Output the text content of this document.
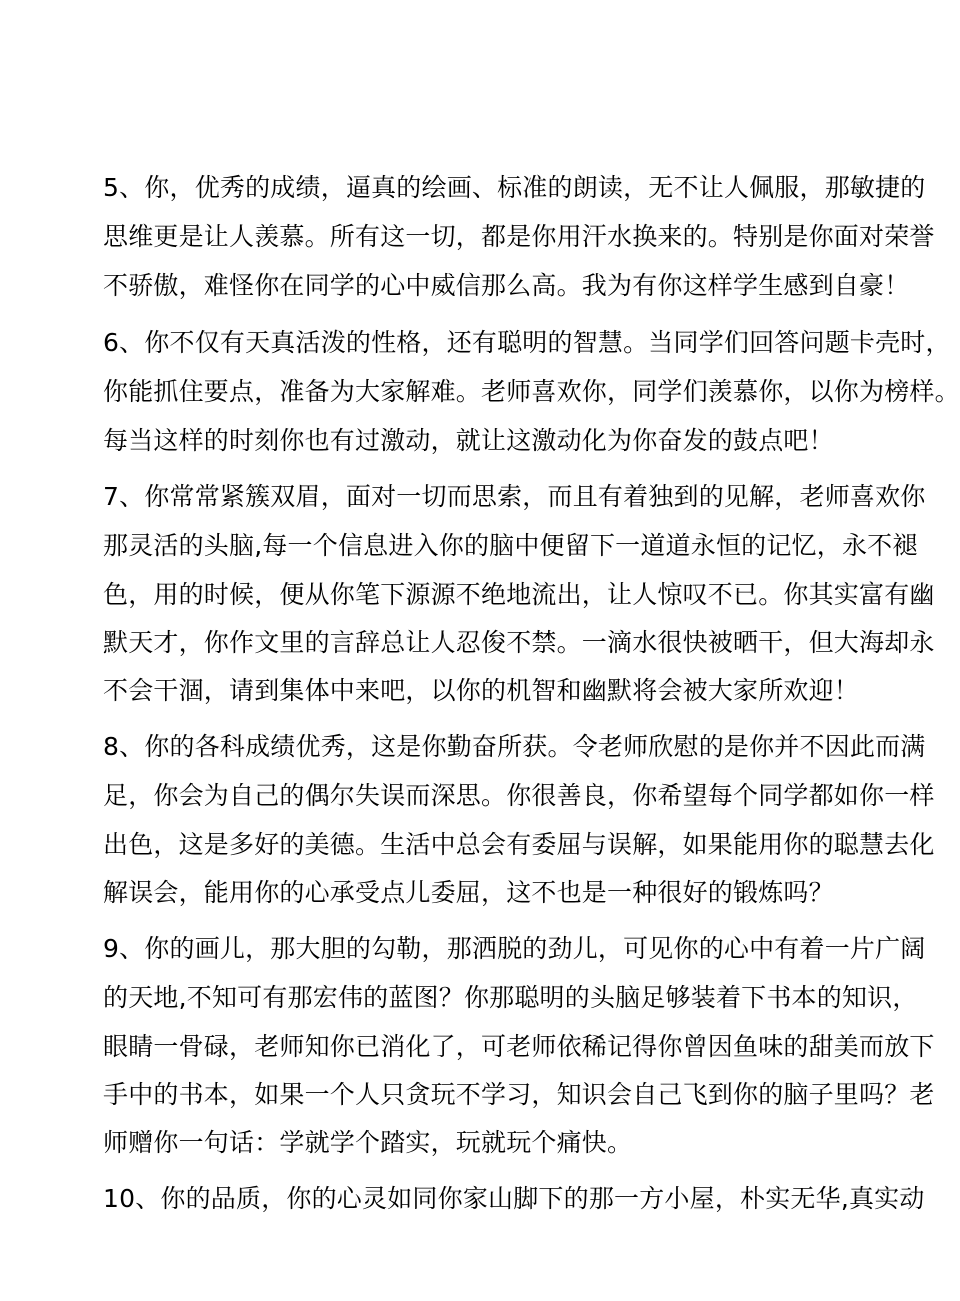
5、你，优秀的成绩，逼真的绘画、标准的朗读，无不让人佩服，那敏捷的
思维更是让人羡慕。所有这一切，都是你用汗水换来的。特别是你面对荣誉
不骄傲，难怪你在同学的心中威信那么高。我为有你这样学生感到自豪！
6、你不仅有天真活泼的性格，还有聪明的智慧。当同学们回答问题卡壳时，
你能抓住要点，准备为大家解难。老师喜欢你，同学们羡慕你，以你为榜样。
每当这样的时刻你也有过激动，就让这激动化为你奋发的鼓点吧！
7、你常常紧簇双眉，面对一切而思索，而且有着独到的见解，老师喜欢你
那灵活的头脑,每一个信息进入你的脑中便留下一道道永恒的记忆，永不褪
色，用的时候，便从你笔下源源不绝地流出，让人惊叹不已。你其实富有幽
默天才，你作文里的言辞总让人忍俊不禁。一滴水很快被晒干，但大海却永
不会干涸，请到集体中来吧，以你的机智和幽默将会被大家所欢迎！
8、你的各科成绩优秀，这是你勤奋所获。令老师欣慰的是你并不因此而满
足，你会为自己的偶尔失误而深思。你很善良，你希望每个同学都如你一样
出色，这是多好的美德。生活中总会有委屈与误解，如果能用你的聪慧去化
解误会，能用你的心承受点儿委屈，这不也是一种很好的锻炼吗？
9、你的画儿，那大胆的勾勒，那洒脱的劲儿，可见你的心中有着一片广阔
的天地,不知可有那宏伟的蓝图？你那聪明的头脑足够装着下书本的知识，
眼睛一骨碌，老师知你已消化了，可老师依稀记得你曾因鱼味的甜美而放下
手中的书本，如果一个人只贪玩不学习，知识会自己飞到你的脑子里吗？老
师赠你一句话：学就学个踏实，玩就玩个痛快。
10、你的品质，你的心灵如同你家山脚下的那一方小屋，朴实无华,真实动
